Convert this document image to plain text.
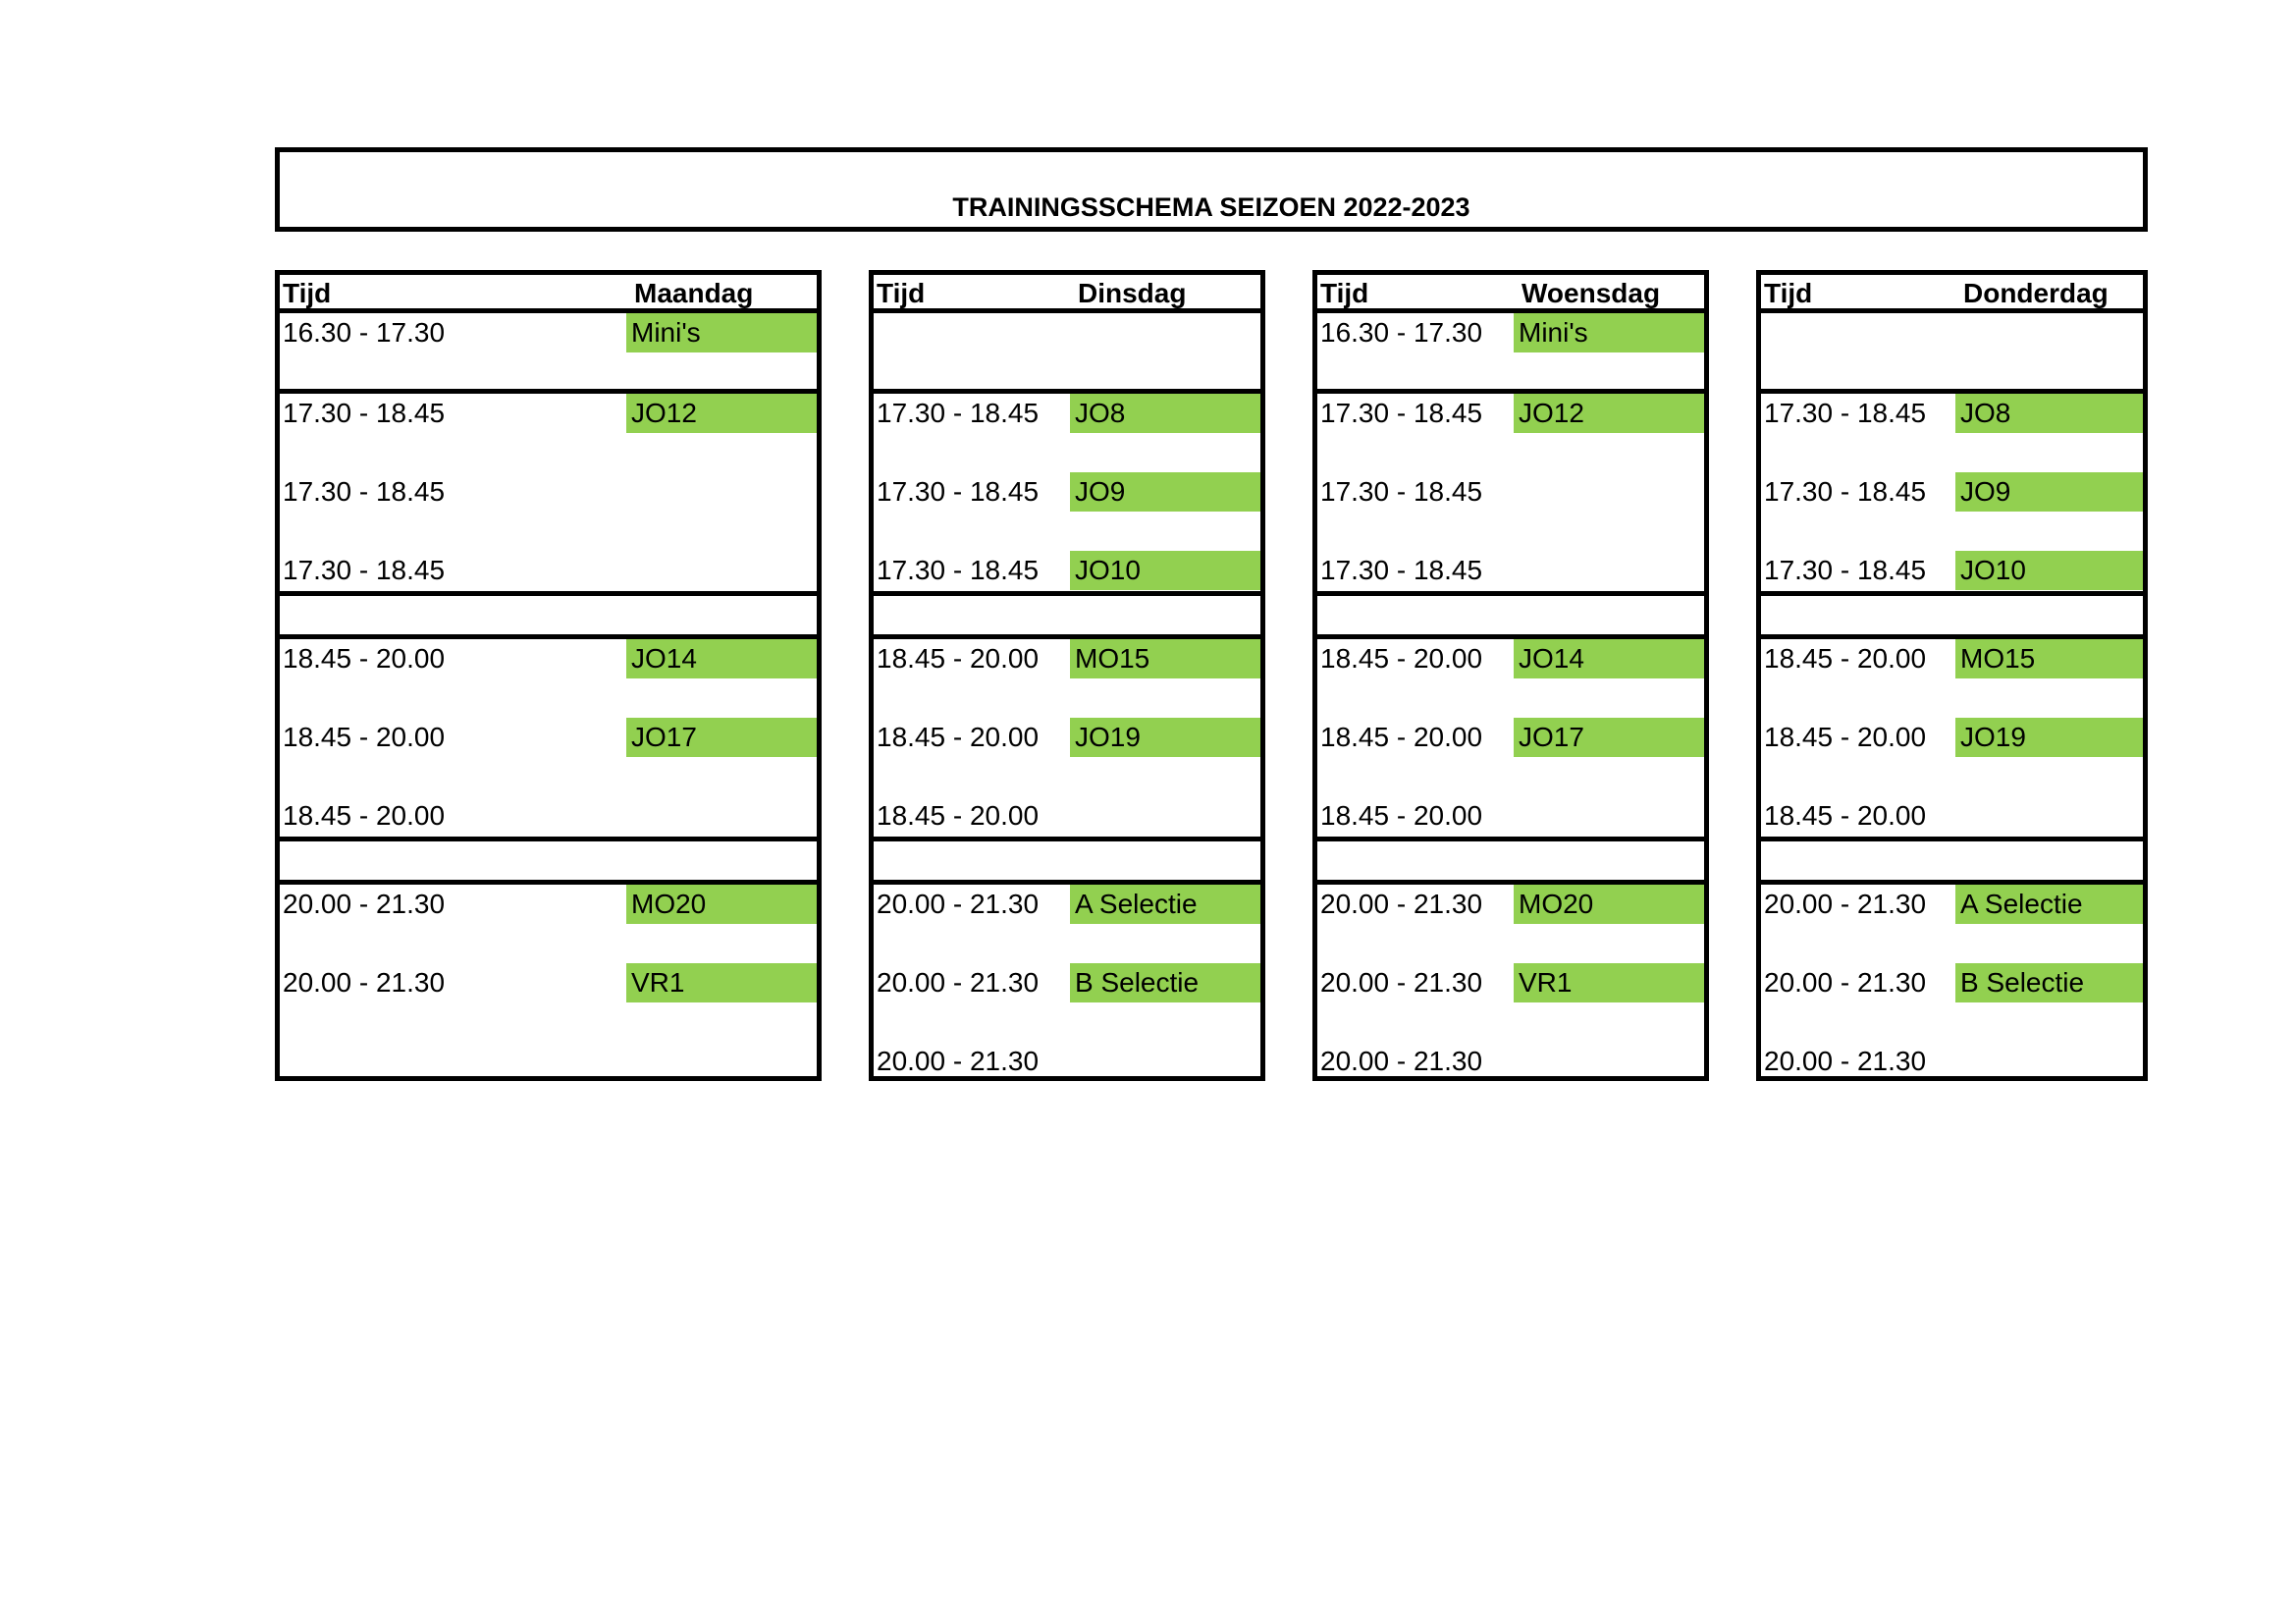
TRAININGSSCHEMA SEIZOEN 2022-2023
Tijd	Maandag
16.30 - 17.30	Mini's
17.30 - 18.45	JO12
17.30 - 18.45
17.30 - 18.45
18.45 - 20.00	JO14
18.45 - 20.00	JO17
18.45 - 20.00
20.00 - 21.30	MO20
20.00 - 21.30	VR1
Tijd	Dinsdag
17.30 - 18.45 JO8
17.30 - 18.45 JO9
17.30 - 18.45 JO10
18.45 - 20.00 MO15
18.45 - 20.00 JO19
18.45 - 20.00
20.00 - 21.30 A Selectie
20.00 - 21.30 B Selectie
20.00 - 21.30
Tijd	Woensdag
16.30 - 17.30 Mini's
17.30 - 18.45 JO12
17.30 - 18.45
17.30 - 18.45
18.45 - 20.00 JO14
18.45 - 20.00 JO17
18.45 - 20.00
20.00 - 21.30 MO20
20.00 - 21.30 VR1
20.00 - 21.30
Tijd	Donderdag
17.30 - 18.45 JO8
17.30 - 18.45 JO9
17.30 - 18.45 JO10
18.45 - 20.00 MO15
18.45 - 20.00 JO19
18.45 - 20.00
20.00 - 21.30 A Selectie
20.00 - 21.30 B Selectie
20.00 - 21.30
